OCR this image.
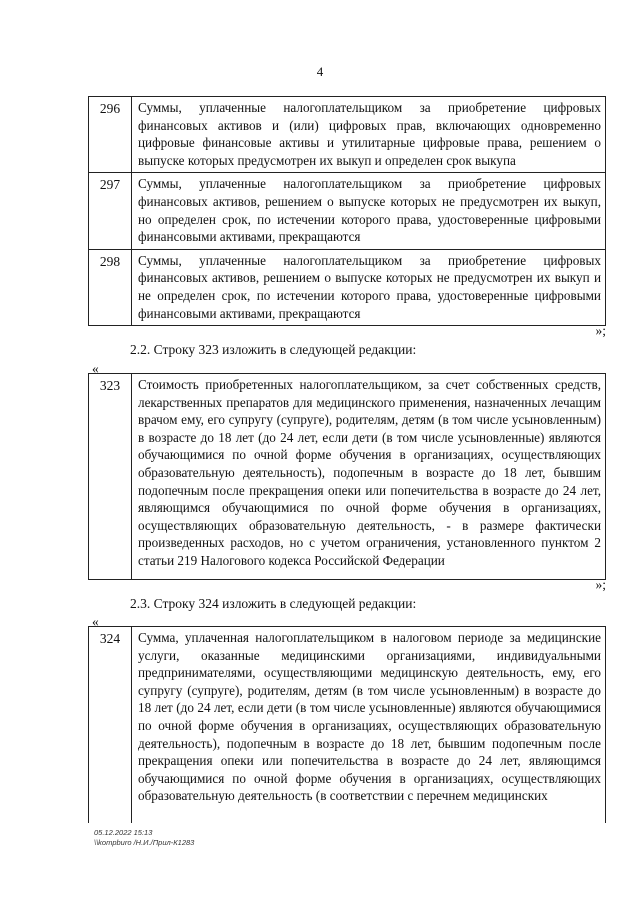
4
296	Суммы, уплаченные налогоплательщиком за приобретение цифровых финансовых активов и (или) цифровых прав, включающих одновременно цифровые финансовые активы и утилитарные цифровые права, решением о выпуске которых предусмотрен их выкуп и определен срок выкупа
297	Суммы, уплаченные налогоплательщиком за приобретение цифровых финансовых активов, решением о выпуске которых не предусмотрен их выкуп, но определен срок, по истечении которого права, удостоверенные цифровыми финансовыми активами, прекращаются
298	Суммы, уплаченные налогоплательщиком за приобретение цифровых финансовых активов, решением о выпуске которых не предусмотрен их выкуп и не определен срок, по истечении которого права, удостоверенные цифровыми финансовыми активами, прекращаются
»;
2.2. Строку 323 изложить в следующей редакции:
«
323	Стоимость приобретенных налогоплательщиком, за счет собственных средств, лекарственных препаратов для медицинского применения, назначенных лечащим врачом ему, его супругу (супруге), родителям, детям (в том числе усыновленным) в возрасте до 18 лет (до 24 лет, если дети (в том числе усыновленные) являются обучающимися по очной форме обучения в организациях, осуществляющих образовательную деятельность), подопечным в возрасте до 18 лет, бывшим подопечным после прекращения опеки или попечительства в возрасте до 24 лет, являющимся обучающимися по очной форме обучения в организациях, осуществляющих образовательную деятельность, - в размере фактически произведенных расходов, но с учетом ограничения, установленного пунктом 2 статьи 219 Налогового кодекса Российской Федерации
»;
2.3. Строку 324 изложить в следующей редакции:
«
324	Сумма, уплаченная налогоплательщиком в налоговом периоде за медицинские услуги, оказанные медицинскими организациями, индивидуальными предпринимателями, осуществляющими медицинскую деятельность, ему, его супругу (супруге), родителям, детям (в том числе усыновленным) в возрасте до 18 лет (до 24 лет, если дети (в том числе усыновленные) являются обучающимися по очной форме обучения в организациях, осуществляющих образовательную деятельность), подопечным в возрасте до 18 лет, бывшим подопечным после прекращения опеки или попечительства в возрасте до 24 лет, являющимся обучающимися по очной форме обучения в организациях, осуществляющих образовательную деятельность (в соответствии с перечнем медицинских
05.12.2022 15:13
\\kompburo /Н.И./Прил-К1283
